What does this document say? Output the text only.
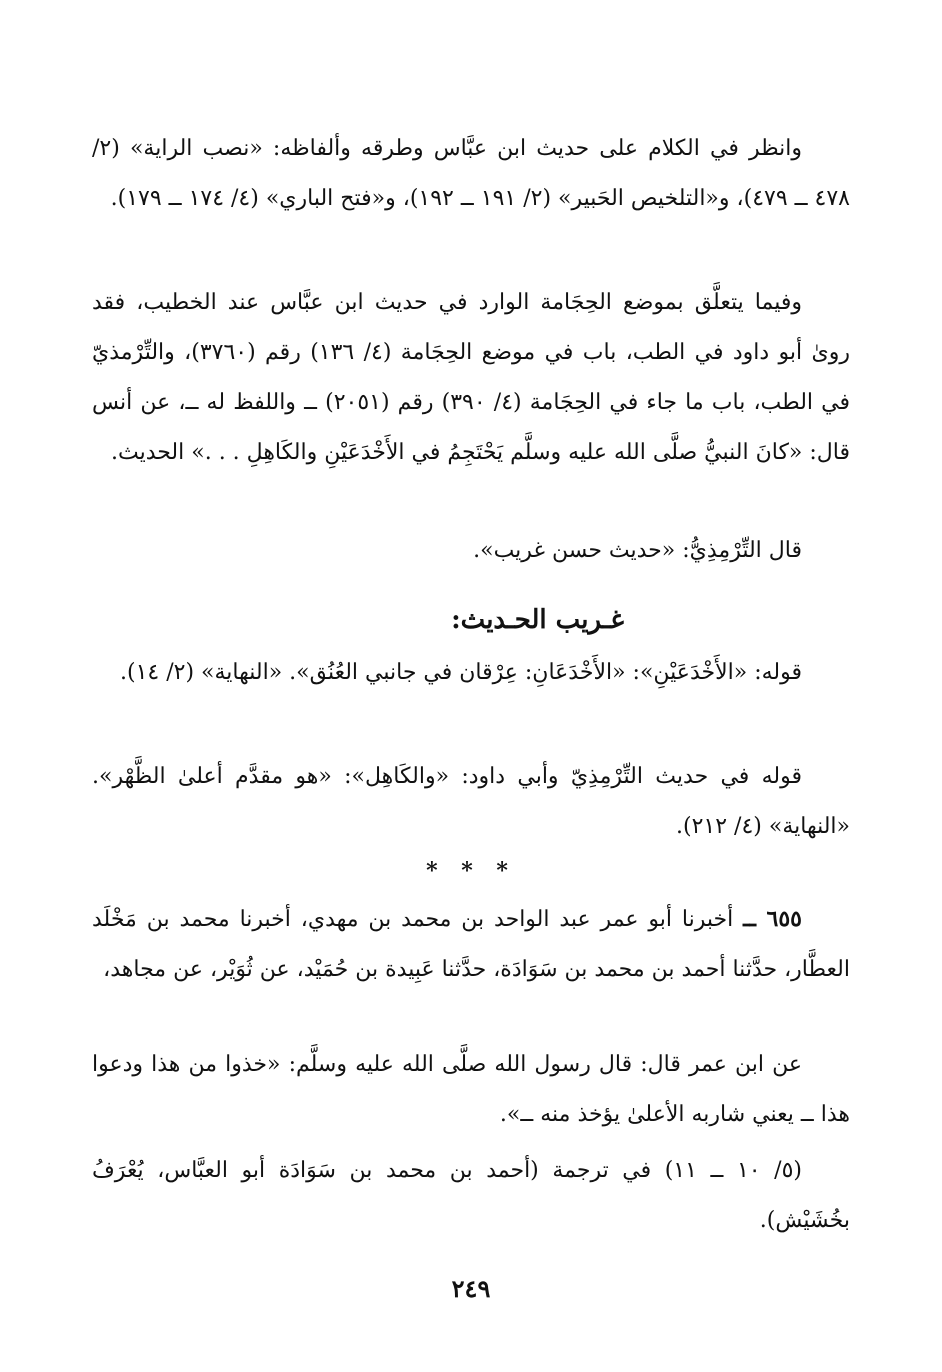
وانظر في الكلام على حديث ابن عبَّاس وطرقه وألفاظه: «نصب الراية» (٢/ ٤٧٨ ــ ٤٧٩)، و«التلخيص الحَبير» (٢/ ١٩١ ــ ١٩٢)، و«فتح الباري» (٤/ ١٧٤ ــ ١٧٩).

وفيما يتعلَّق بموضع الحِجَامة الوارد في حديث ابن عبَّاس عند الخطيب، فقد روىٰ أبو داود في الطب، باب في موضع الحِجَامة (٤/ ١٣٦) رقم (٣٧٦٠)، والتِّرْمذيّ في الطب، باب ما جاء في الحِجَامة (٤/ ٣٩٠) رقم (٢٠٥١) ــ واللفظ له ــ، عن أنس قال: «كانَ النبيُّ صلَّى الله عليه وسلَّم يَحْتَجِمُ في الأَخْدَعَيْنِ والكَاهِلِ . . .» الحديث.

قال التِّرْمِذِيُّ: «حديث حسن غريب».

غـريب الحـديث:

قوله: «الأَخْدَعَيْنِ»: «الأَخْدَعَانِ: عِرْقان في جانبي العُنُق». «النهاية» (٢/ ١٤).

قوله في حديث التِّرْمِذِيّ وأبي داود: «والكَاهِل»: «هو مقدَّم أعلىٰ الظَّهْر». «النهاية» (٤/ ٢١٢).

* * *

٦٥٥ ــ أخبرنا أبو عمر عبد الواحد بن محمد بن مهدي، أخبرنا محمد بن مَخْلَد العطَّار، حدَّثنا أحمد بن محمد بن سَوَادَة، حدَّثنا عَبِيدة بن حُمَيْد، عن ثُوَيْر، عن مجاهد،

عن ابن عمر قال: قال رسول الله صلَّى الله عليه وسلَّم: «خذوا من هذا ودعوا هذا ــ يعني شاربه الأعلىٰ يؤخذ منه ــ».

(٥/ ١٠ ــ ١١) في ترجمة (أحمد بن محمد بن سَوَادَة أبو العبَّاس، يُعْرَفُ بخُشَيْش).

٢٤٩
